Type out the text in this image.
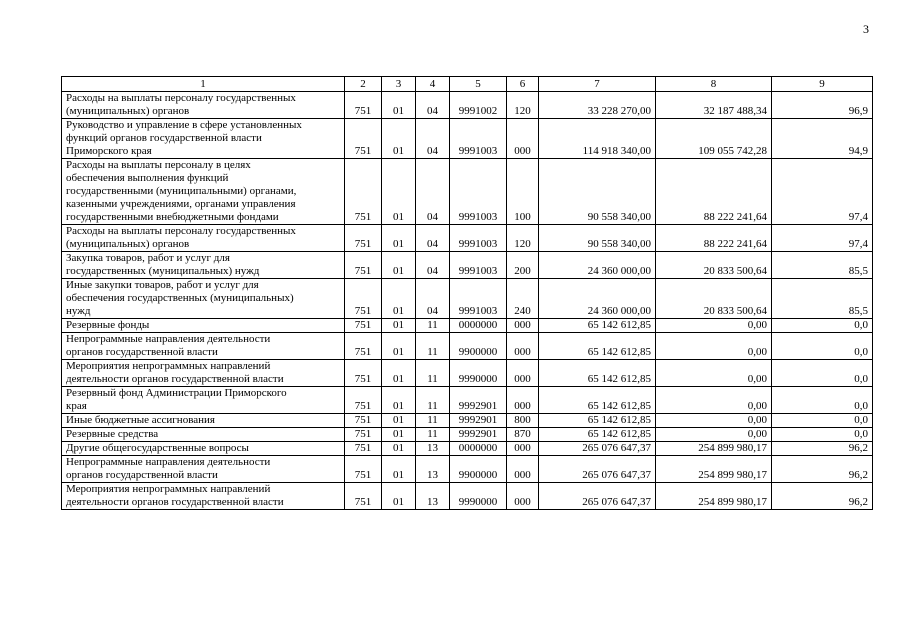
3
1	2	3	4	5	6	7	8	9
Расходы на выплаты персоналу государственных
(муниципальных) органов	751	01	04	9991002	120	33 228 270,00	32 187 488,34	96,9
Руководство и управление в сфере установленных
функций органов государственной власти
Приморского края	751	01	04	9991003	000	114 918 340,00	109 055 742,28	94,9
Расходы на выплаты персоналу в целях
обеспечения выполнения функций
государственными (муниципальными) органами,
казенными учреждениями, органами управления
государственными внебюджетными фондами	751	01	04	9991003	100	90 558 340,00	88 222 241,64	97,4
Расходы на выплаты персоналу государственных
(муниципальных) органов	751	01	04	9991003	120	90 558 340,00	88 222 241,64	97,4
Закупка товаров, работ и услуг для
государственных (муниципальных) нужд	751	01	04	9991003	200	24 360 000,00	20 833 500,64	85,5
Иные закупки товаров, работ и услуг для
обеспечения государственных (муниципальных)
нужд	751	01	04	9991003	240	24 360 000,00	20 833 500,64	85,5
Резервные фонды	751	01	11	0000000	000	65 142 612,85	0,00	0,0
Непрограммные направления деятельности
органов государственной власти	751	01	11	9900000	000	65 142 612,85	0,00	0,0
Мероприятия непрограммных направлений
деятельности органов государственной власти	751	01	11	9990000	000	65 142 612,85	0,00	0,0
Резервный фонд Администрации Приморского
края	751	01	11	9992901	000	65 142 612,85	0,00	0,0
Иные бюджетные ассигнования	751	01	11	9992901	800	65 142 612,85	0,00	0,0
Резервные средства	751	01	11	9992901	870	65 142 612,85	0,00	0,0
Другие общегосударственные вопросы	751	01	13	0000000	000	265 076 647,37	254 899 980,17	96,2
Непрограммные направления деятельности
органов государственной власти	751	01	13	9900000	000	265 076 647,37	254 899 980,17	96,2
Мероприятия непрограммных направлений
деятельности органов государственной власти	751	01	13	9990000	000	265 076 647,37	254 899 980,17	96,2
